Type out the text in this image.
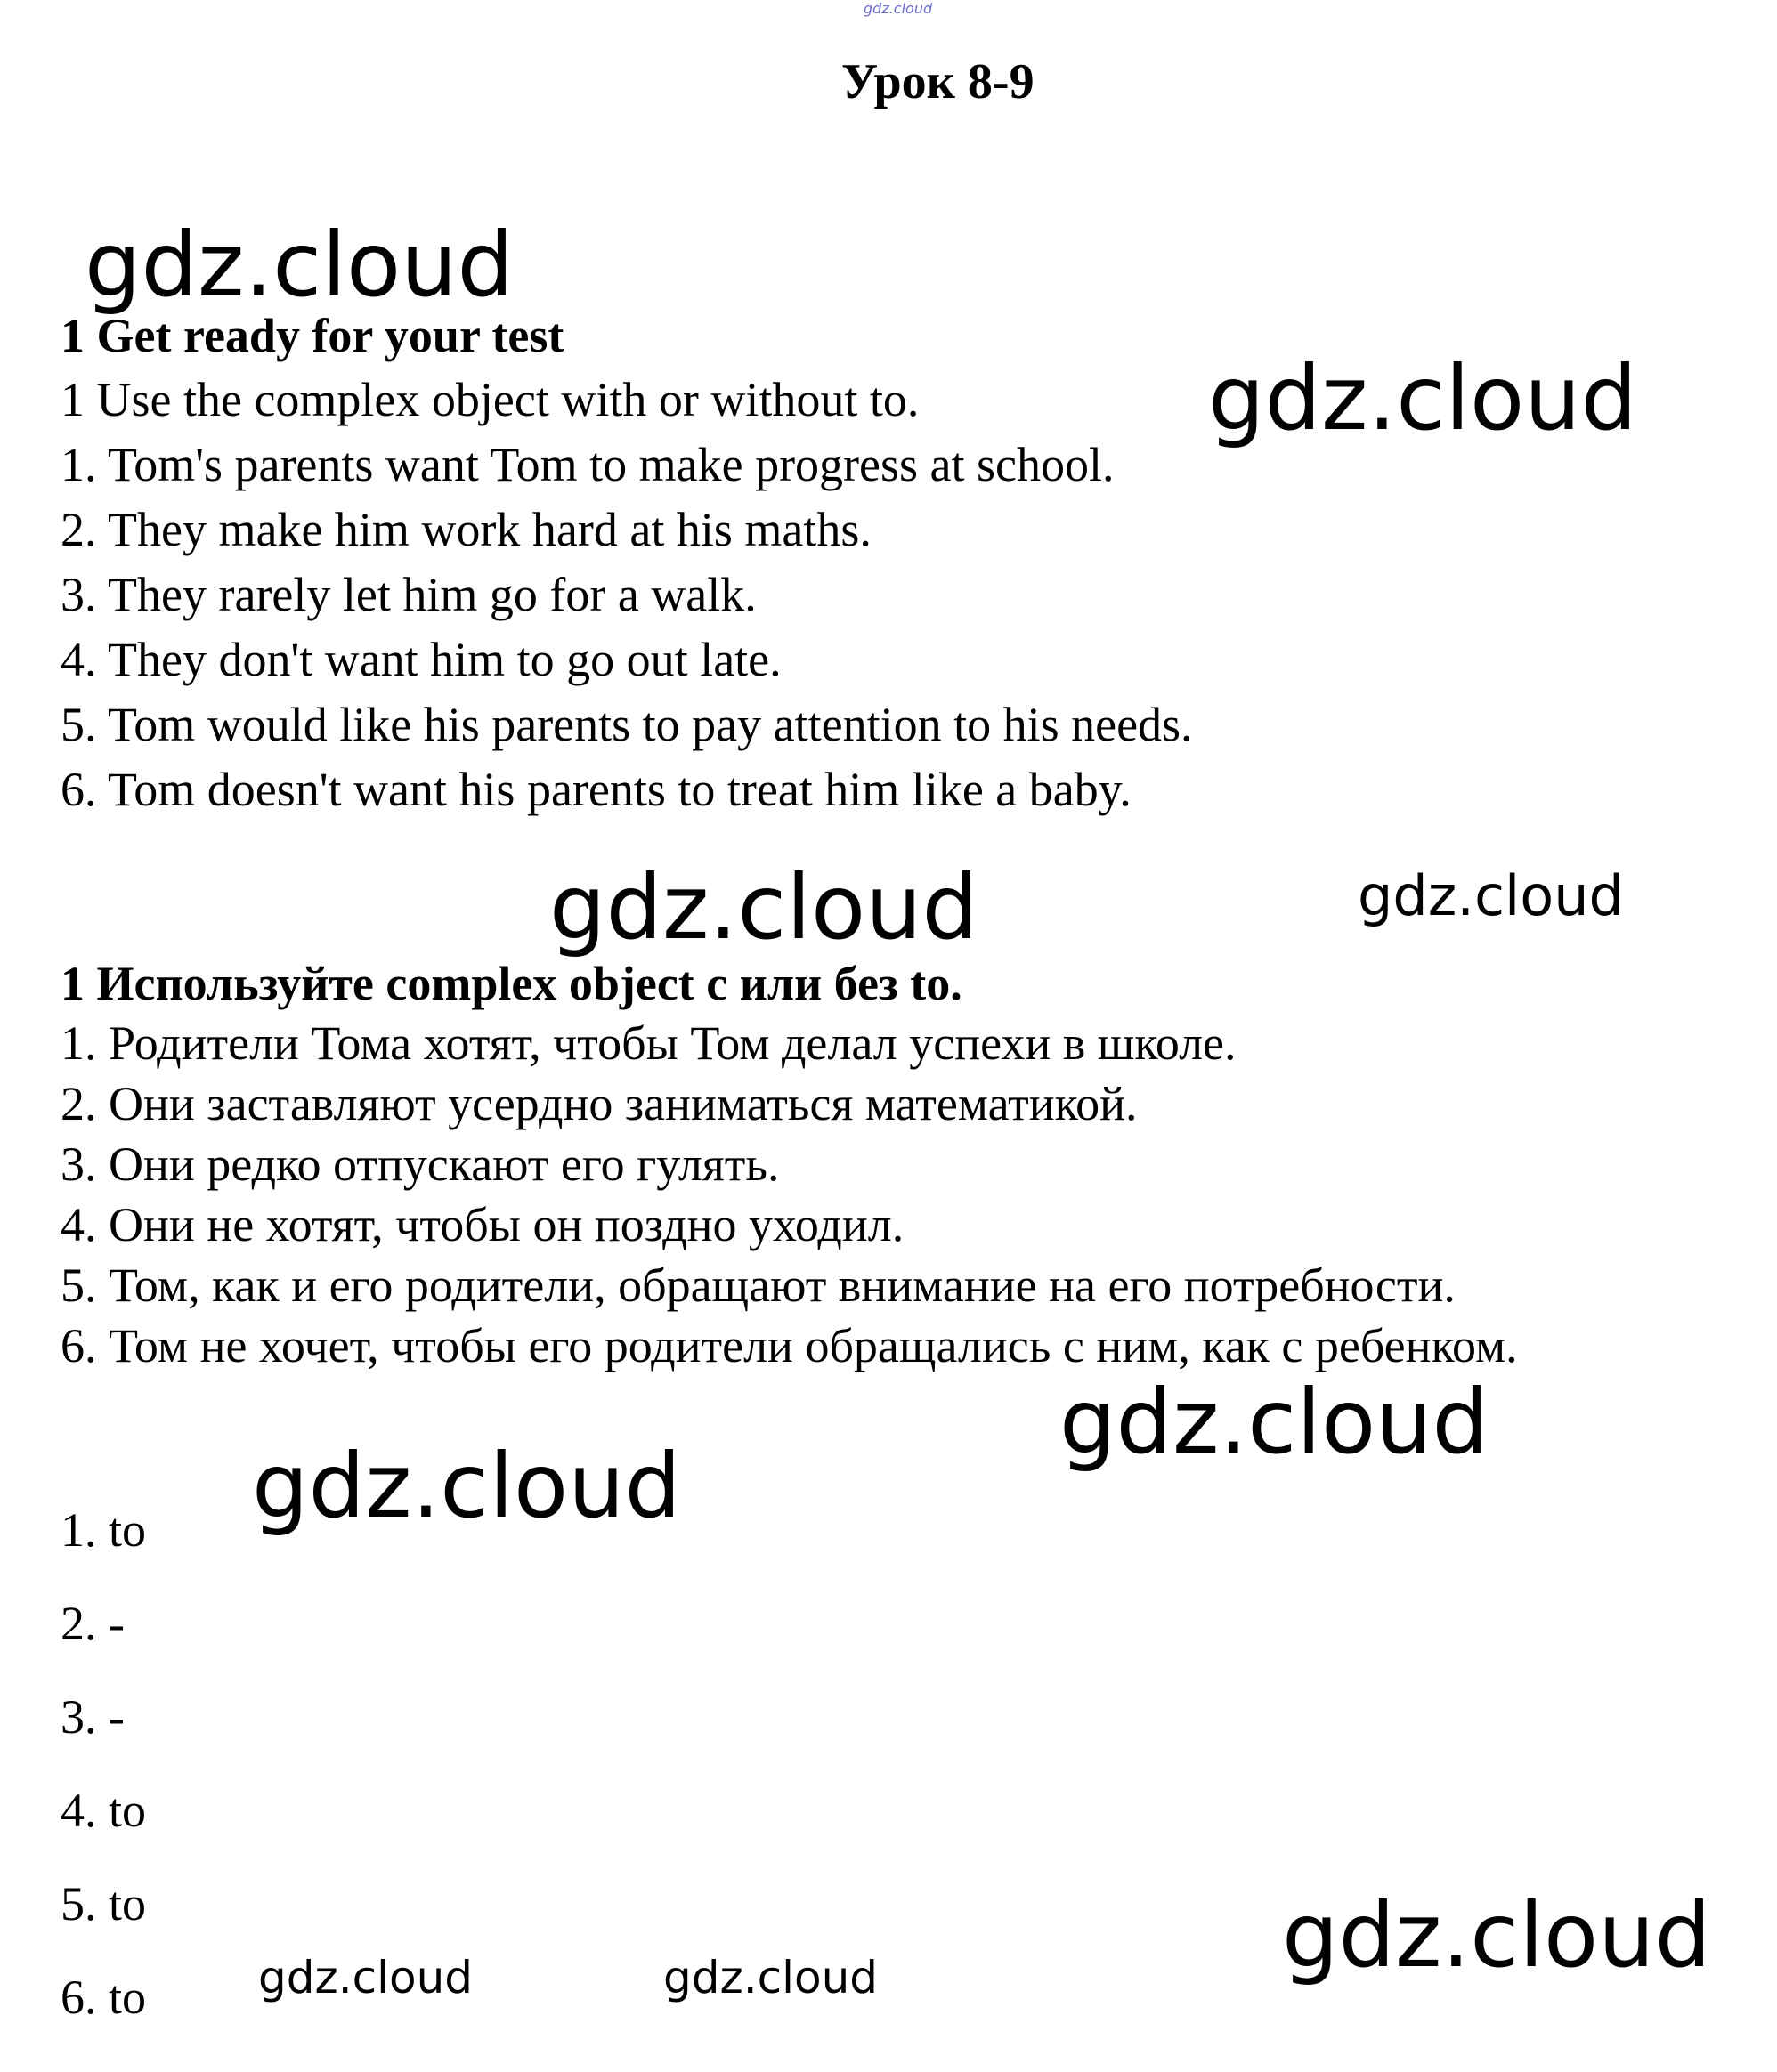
gdz.cloud
Урок 8-9
gdz.cloud
gdz.cloud
gdz.cloud	gdz.cloud
gdz.cloud
gdz.cloud
gdz.cloud	gdz.cloud	gdz.cloud
1 Get ready for your test
1 Use the complex object with or without to.
1. Tom's parents want Tom to make progress at school.
2. They make him work hard at his maths.
3. They rarely let him go for a walk.
4. They don't want him to go out late.
5. Tom would like his parents to pay attention to his needs.
6. Tom doesn't want his parents to treat him like a baby.
1 Используйте complex object с или без to.
1. Родители Тома хотят, чтобы Том делал успехи в школе.
2. Они заставляют усердно заниматься математикой.
3. Они редко отпускают его гулять.
4. Они не хотят, чтобы он поздно уходил.
5. Том, как и его родители, обращают внимание на его потребности.
6. Том не хочет, чтобы его родители обращались с ним, как с ребенком.
1. to
2. -
3. -
4. to
5. to
6. to
